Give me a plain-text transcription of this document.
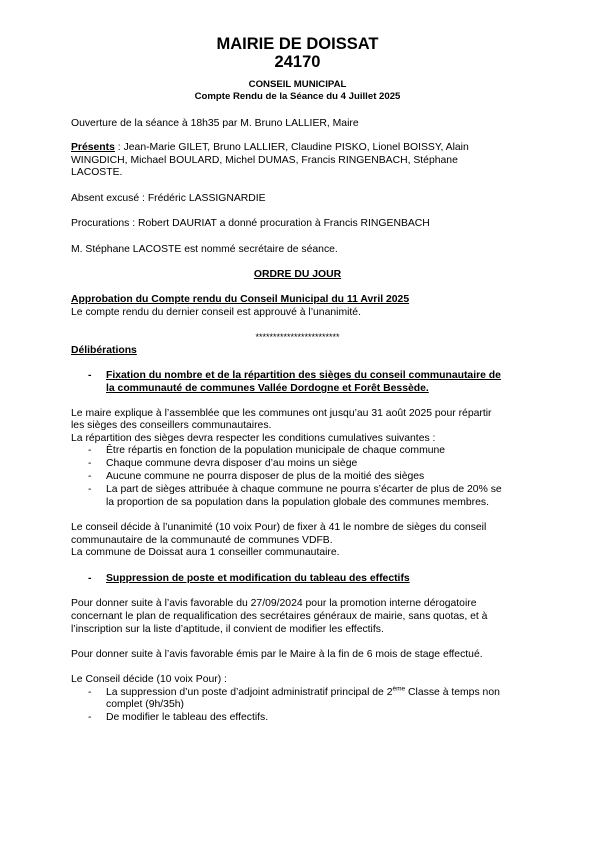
MAIRIE DE DOISSAT
24170
CONSEIL MUNICIPAL
Compte Rendu de la Séance du 4 Juillet 2025
Ouverture de la séance à 18h35 par M. Bruno LALLIER, Maire
Présents : Jean-Marie GILET, Bruno LALLIER, Claudine PISKO, Lionel BOISSY, Alain
WINGDICH, Michael BOULARD, Michel DUMAS, Francis RINGENBACH, Stéphane
LACOSTE.
Absent excusé : Frédéric LASSIGNARDIE
Procurations : Robert DAURIAT a donné procuration à Francis RINGENBACH
M. Stéphane LACOSTE est nommé secrétaire de séance.
ORDRE DU JOUR
Approbation du Compte rendu du Conseil Municipal du 11 Avril 2025
Le compte rendu du dernier conseil est approuvé à l’unanimité.
************************
Délibérations
- Fixation du nombre et de la répartition des sièges du conseil communautaire de
la communauté de communes Vallée Dordogne et Forêt Bessède.
Le maire explique à l’assemblée que les communes ont jusqu’au 31 août 2025 pour répartir
les sièges des conseillers communautaires.
La répartition des sièges devra respecter les conditions cumulatives suivantes :
- Être répartis en fonction de la population municipale de chaque commune
- Chaque commune devra disposer d’au moins un siège
- Aucune commune ne pourra disposer de plus de la moitié des sièges
- La part de sièges attribuée à chaque commune ne pourra s’écarter de plus de 20% se
la proportion de sa population dans la population globale des communes membres.
Le conseil décide à l’unanimité (10 voix Pour) de fixer à 41 le nombre de sièges du conseil
communautaire de la communauté de communes VDFB.
La commune de Doissat aura 1 conseiller communautaire.
- Suppression de poste et modification du tableau des effectifs
Pour donner suite à l’avis favorable du 27/09/2024 pour la promotion interne dérogatoire
concernant le plan de requalification des secrétaires généraux de mairie, sans quotas, et à
l’inscription sur la liste d’aptitude, il convient de modifier les effectifs.
Pour donner suite à l’avis favorable émis par le Maire à la fin de 6 mois de stage effectué.
Le Conseil décide (10 voix Pour) :
- La suppression d’un poste d’adjoint administratif principal de 2ème Classe à temps non
complet (9h/35h)
- De modifier le tableau des effectifs.
